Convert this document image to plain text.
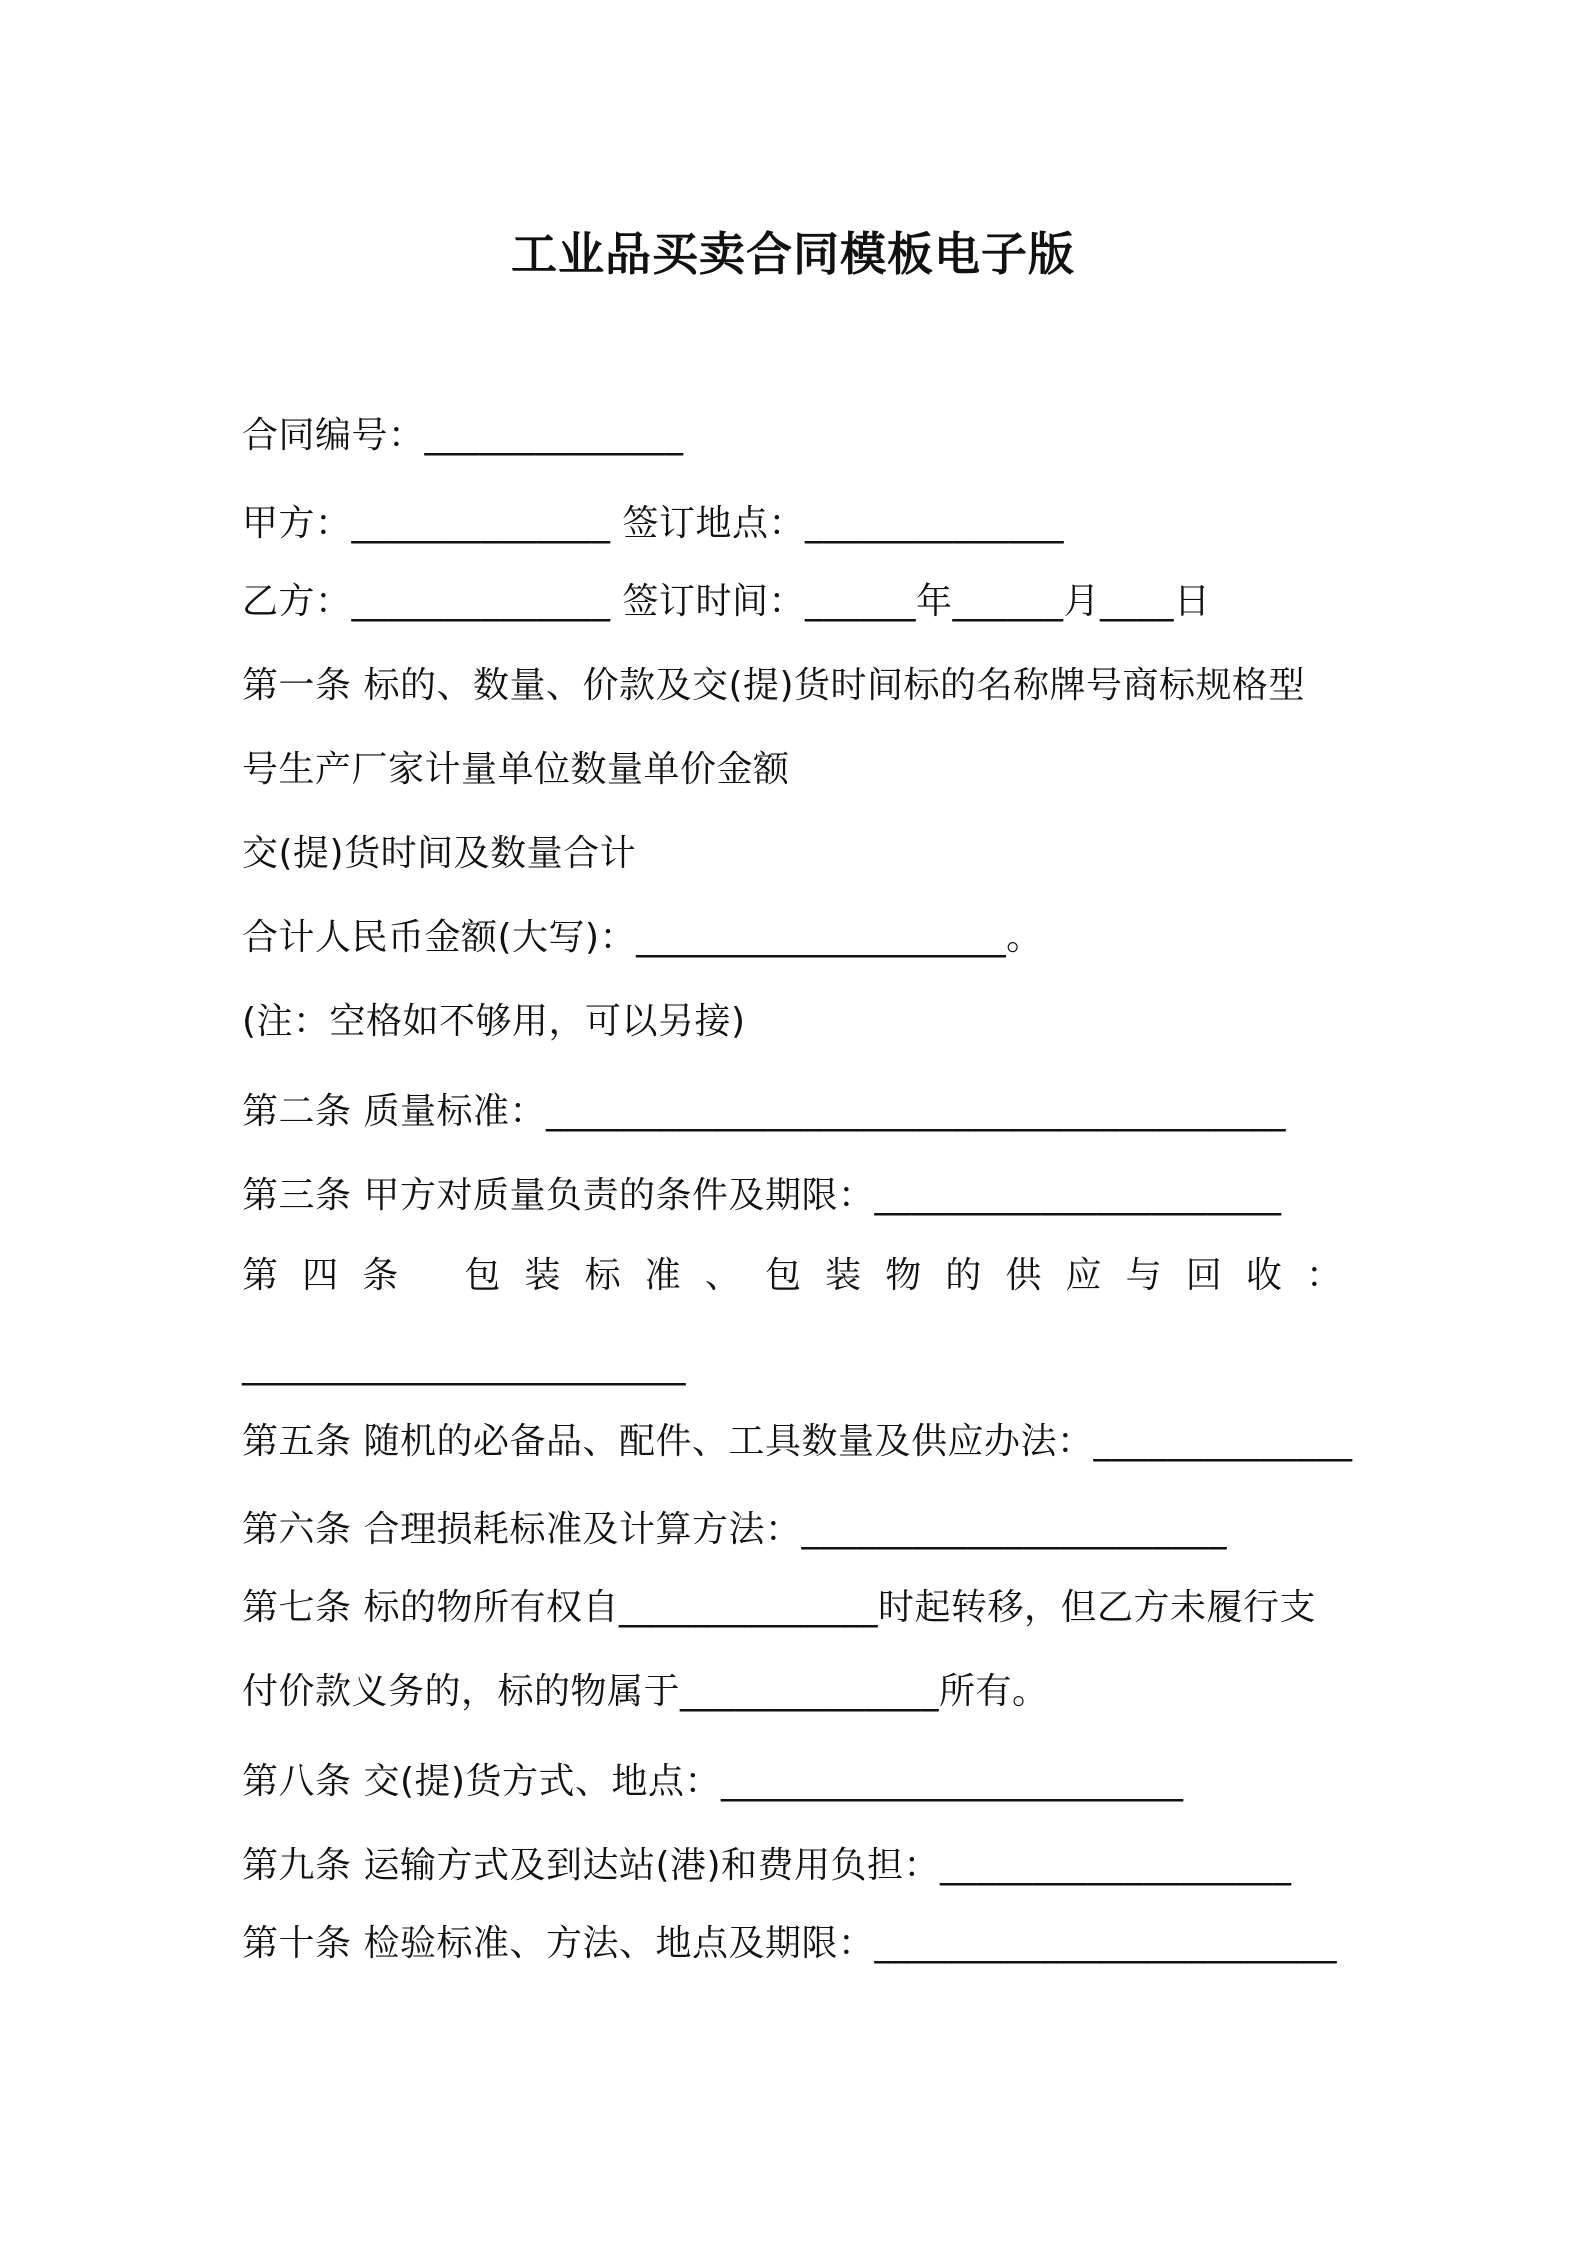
工业品买卖合同模板电子版
合同编号：______________
甲方：______________ 签订地点：______________
乙方：______________ 签订时间：______年______月____日
第一条 标的、数量、价款及交(提)货时间标的名称牌号商标规格型
号生产厂家计量单位数量单价金额
交(提)货时间及数量合计
合计人民币金额(大写)：____________________。
(注：空格如不够用，可以另接)
第二条 质量标准：________________________________________
第三条 甲方对质量负责的条件及期限：______________________
第 四 条 包 装 标 准 、 包 装 物 的 供 应 与 回 收 ：
________________________
第五条 随机的必备品、配件、工具数量及供应办法：______________
第六条 合理损耗标准及计算方法：_______________________
第七条 标的物所有权自______________时起转移，但乙方未履行支
付价款义务的，标的物属于______________所有。
第八条 交(提)货方式、地点：_________________________
第九条 运输方式及到达站(港)和费用负担：___________________
第十条 检验标准、方法、地点及期限：_________________________
